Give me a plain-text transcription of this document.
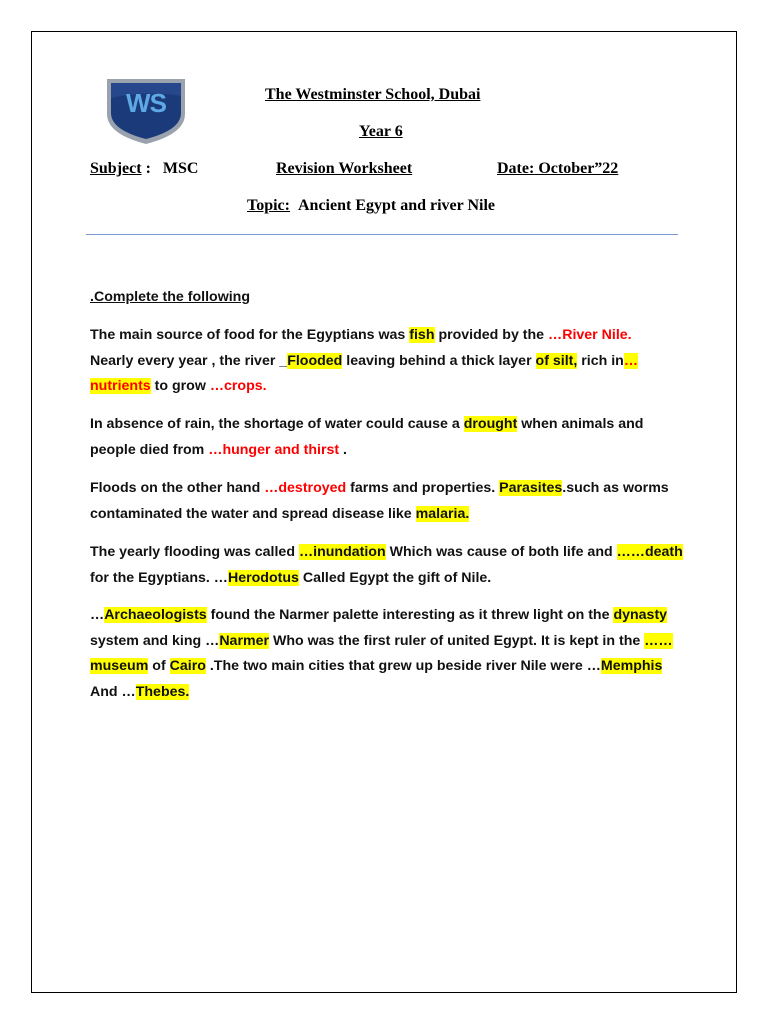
WS	The Westminster School, Dubai
Year 6
Subject : MSC	Revision Worksheet	Date: October”22
Topic: Ancient Egypt and river Nile
.Complete the following

The main source of food for the Egyptians was fish provided by the …River Nile.
Nearly every year , the river _Flooded leaving behind a thick layer of silt, rich in…nutrients to grow …crops.

In absence of rain, the shortage of water could cause a drought when animals and people died from …hunger and thirst .

Floods on the other hand …destroyed farms and properties. Parasites.such as worms contaminated the water and spread disease like malaria.

The yearly flooding was called …inundation Which was cause of both life and ……death for the Egyptians. …Herodotus Called Egypt the gift of Nile.

…Archaeologists found the Narmer palette interesting as it threw light on the dynasty system and king …Narmer Who was the first ruler of united Egypt. It is kept in the ……museum of Cairo .The two main cities that grew up beside river Nile were …Memphis And …Thebes.
